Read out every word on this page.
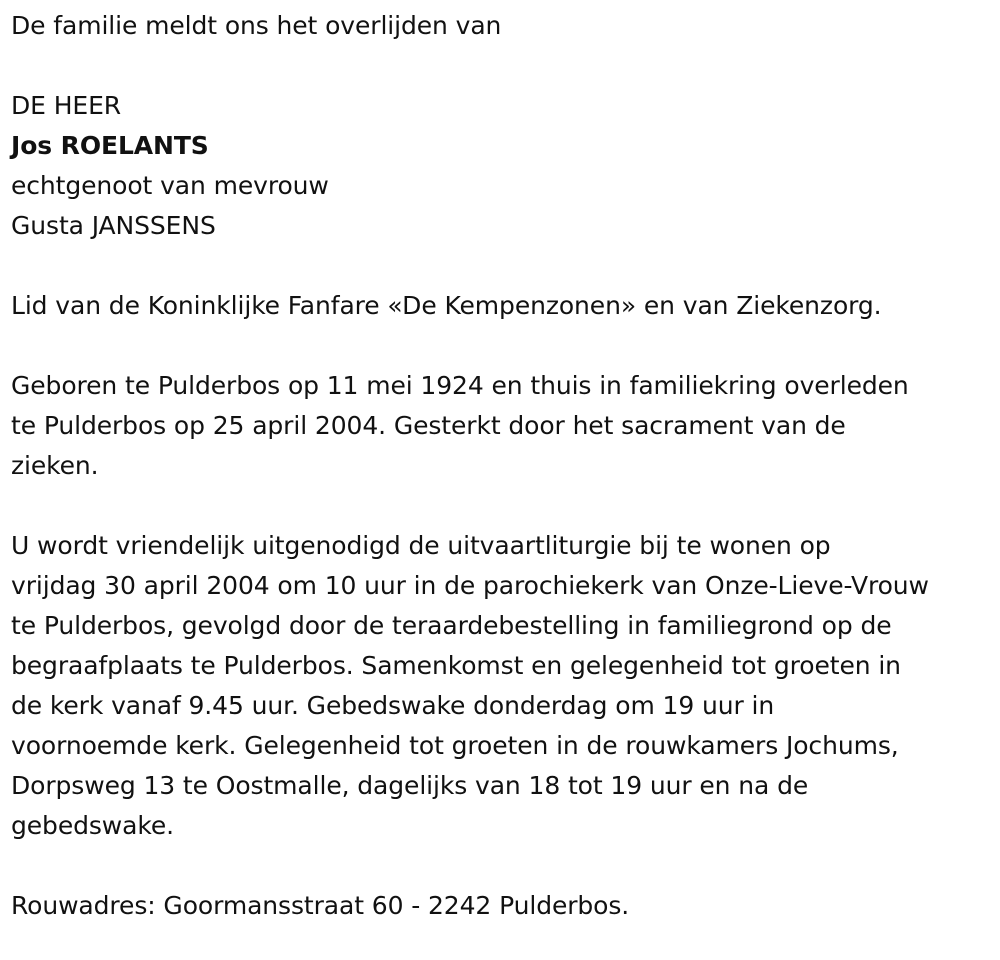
De familie meldt ons het overlijden van
DE HEER
Jos ROELANTS
echtgenoot van mevrouw
Gusta JANSSENS
Lid van de Koninklijke Fanfare «De Kempenzonen» en van Ziekenzorg.
Geboren te Pulderbos op 11 mei 1924 en thuis in familiekring overleden
te Pulderbos op 25 april 2004. Gesterkt door het sacrament van de
zieken.
U wordt vriendelijk uitgenodigd de uitvaartliturgie bij te wonen op
vrijdag 30 april 2004 om 10 uur in de parochiekerk van Onze-Lieve-Vrouw
te Pulderbos, gevolgd door de teraardebestelling in familiegrond op de
begraafplaats te Pulderbos. Samenkomst en gelegenheid tot groeten in
de kerk vanaf 9.45 uur. Gebedswake donderdag om 19 uur in
voornoemde kerk. Gelegenheid tot groeten in de rouwkamers Jochums,
Dorpsweg 13 te Oostmalle, dagelijks van 18 tot 19 uur en na de
gebedswake.
Rouwadres: Goormansstraat 60 - 2242 Pulderbos.
